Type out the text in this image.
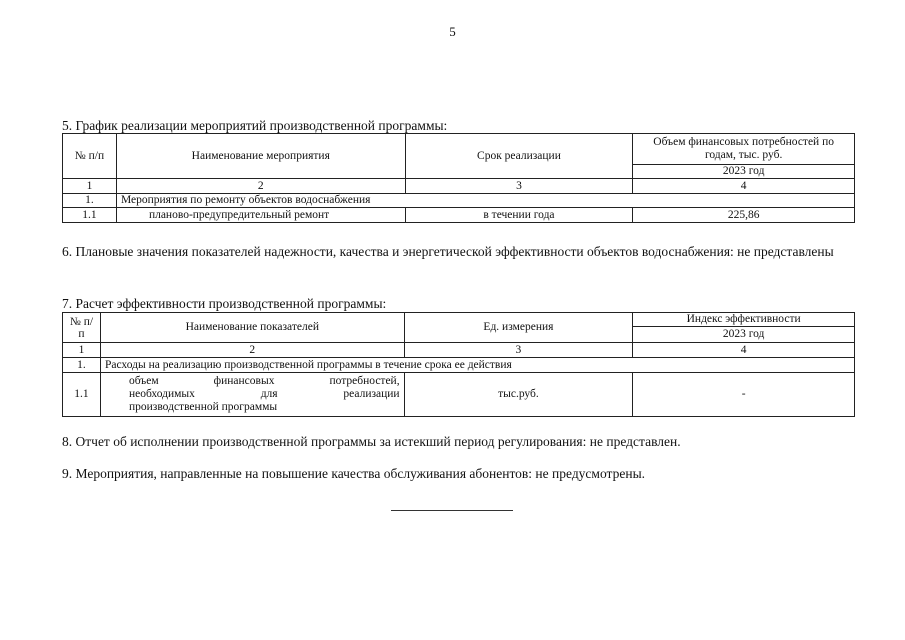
5
5. График реализации мероприятий производственной программы:
№ п/п	Наименование мероприятия	Срок реализации	Объем финансовых потребностей по годам, тыс. руб.
			2023 год
1	2	3	4
1.	Мероприятия по ремонту объектов водоснабжения		
1.1	планово-предупредительный ремонт	в течении года	225,86
6. Плановые значения показателей надежности, качества и энергетической эффективности объектов водоснабжения: не представлены
7. Расчет эффективности производственной программы:
№ п/п	Наименование показателей	Ед. измерения	Индекс эффективности
			2023 год
1	2	3	4
1.	Расходы на реализацию производственной программы в течение срока ее действия		
1.1	объем финансовых потребностей,
необходимых для реализации
производственной программы	тыс.руб.	-
8. Отчет об исполнении производственной программы за истекший период регулирования: не представлен.
9. Мероприятия, направленные на повышение качества обслуживания абонентов: не предусмотрены.
